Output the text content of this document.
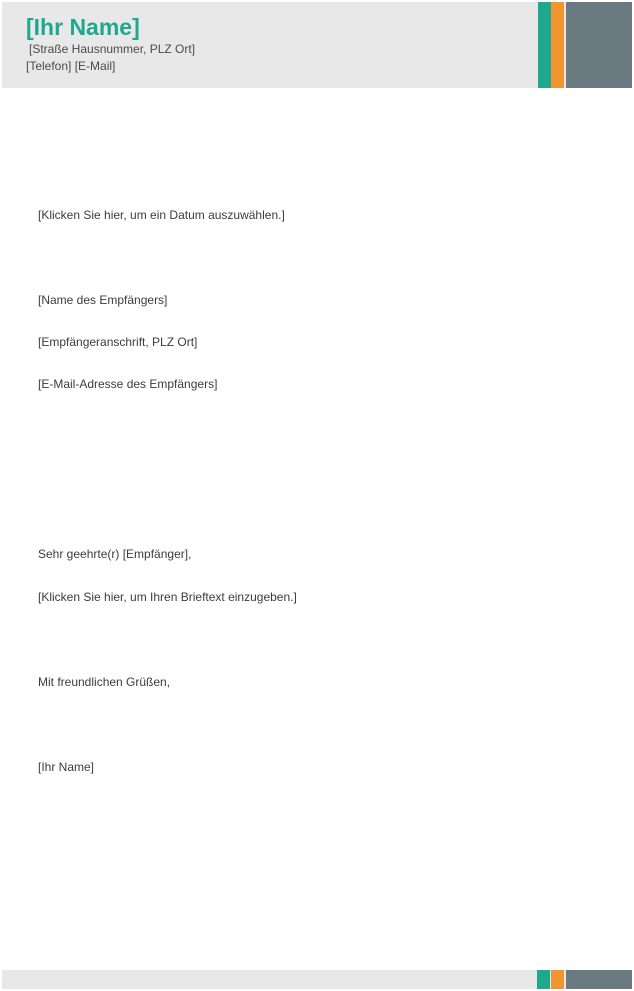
[Ihr Name]
[Straße Hausnummer, PLZ Ort]
[Telefon] [E-Mail]
[Klicken Sie hier, um ein Datum auszuwählen.]
[Name des Empfängers]
[Empfängeranschrift, PLZ Ort]
[E-Mail-Adresse des Empfängers]
Sehr geehrte(r) [Empfänger],
[Klicken Sie hier, um Ihren Brieftext einzugeben.]
Mit freundlichen Grüßen,
[Ihr Name]
